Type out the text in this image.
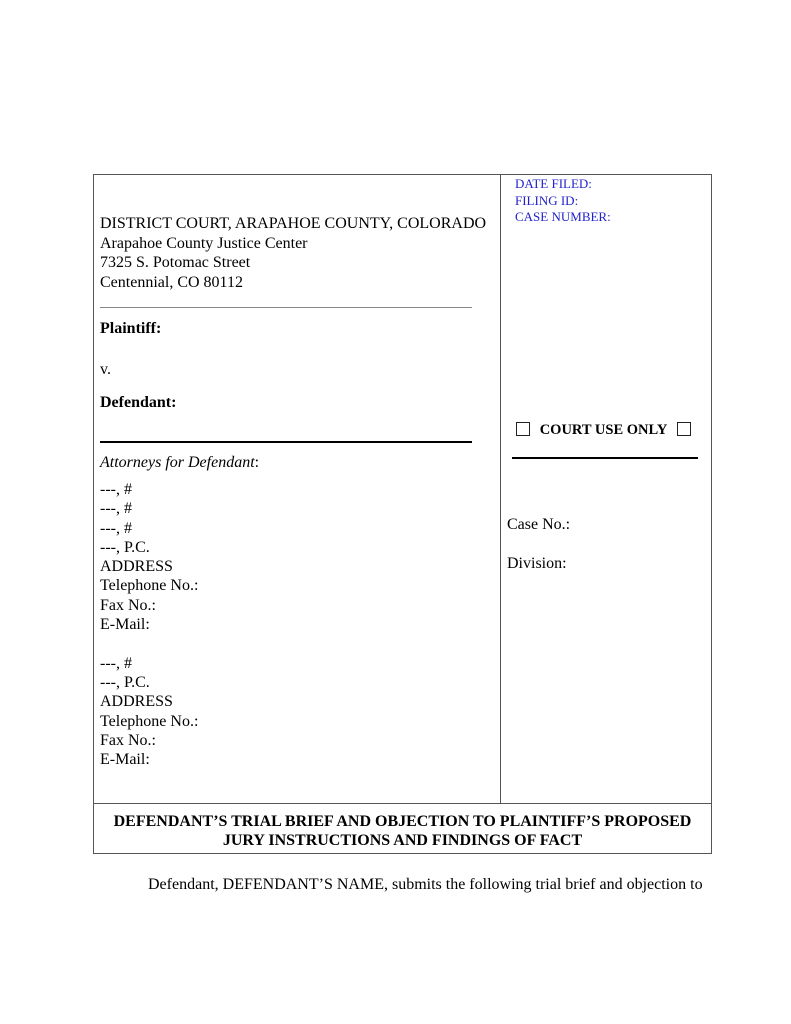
DISTRICT COURT, ARAPAHOE COUNTY, COLORADO
Arapahoe County Justice Center
7325 S. Potomac Street
Centennial, CO 80112
Plaintiff:
v.
Defendant:
Attorneys for Defendant:
---, #
---, #
---, #
---, P.C.
ADDRESS
Telephone No.:
Fax No.:
E-Mail:
---, #
---, P.C.
ADDRESS
Telephone No.:
Fax No.:
E-Mail:
DATE FILED:
FILING ID:
CASE NUMBER:
COURT USE ONLY
Case No.:
Division:
DEFENDANT’S TRIAL BRIEF AND OBJECTION TO PLAINTIFF’S PROPOSED
JURY INSTRUCTIONS AND FINDINGS OF FACT
Defendant, DEFENDANT’S NAME, submits the following trial brief and objection to
